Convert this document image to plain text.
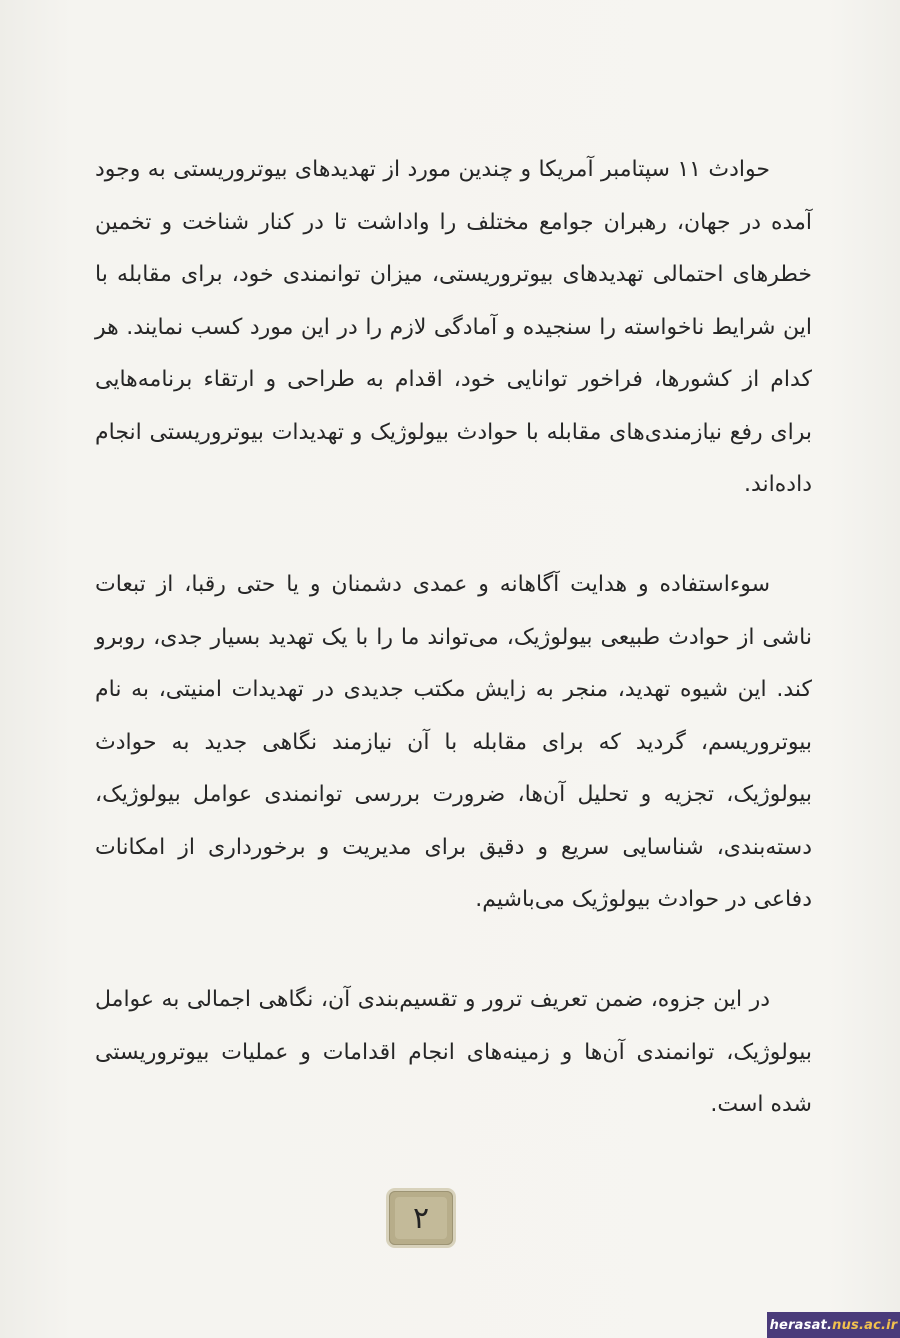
حوادث ۱۱ سپتامبر آمریکا و چندین مورد از تهدیدهای بیوتروریستی به وجود آمده در جهان، رهبران جوامع مختلف را واداشت تا در کنار شناخت و تخمین خطرهای احتمالی تهدیدهای بیوتروریستی، میزان توانمندی خود، برای مقابله با این شرایط ناخواسته را سنجیده و آمادگی لازم را در این مورد کسب نمایند. هر کدام از کشورها، فراخور توانایی خود، اقدام به طراحی و ارتقاء برنامه‌هایی برای رفع نیازمندی‌های مقابله با حوادث بیولوژیک و تهدیدات بیوتروریستی انجام داده‌اند.

سوءاستفاده و هدایت آگاهانه و عمدی دشمنان و یا حتی رقبا، از تبعات ناشی از حوادث طبیعی بیولوژیک، می‌تواند ما را با یک تهدید بسیار جدی، روبرو کند. این شیوه تهدید، منجر به زایش مکتب جدیدی در تهدیدات امنیتی، به نام بیوتروریسم، گردید که برای مقابله با آن نیازمند نگاهی جدید به حوادث بیولوژیک، تجزیه و تحلیل آن‌ها، ضرورت بررسی توانمندی عوامل بیولوژیک، دسته‌بندی، شناسایی سریع و دقیق برای مدیریت و برخورداری از امکانات دفاعی در حوادث بیولوژیک می‌باشیم.

در این جزوه، ضمن تعریف ترور و تقسیم‌بندی آن، نگاهی اجمالی به عوامل بیولوژیک، توانمندی آن‌ها و زمینه‌های انجام اقدامات و عملیات بیوتروریستی شده است.

۲
herasat. nus.ac.ir
